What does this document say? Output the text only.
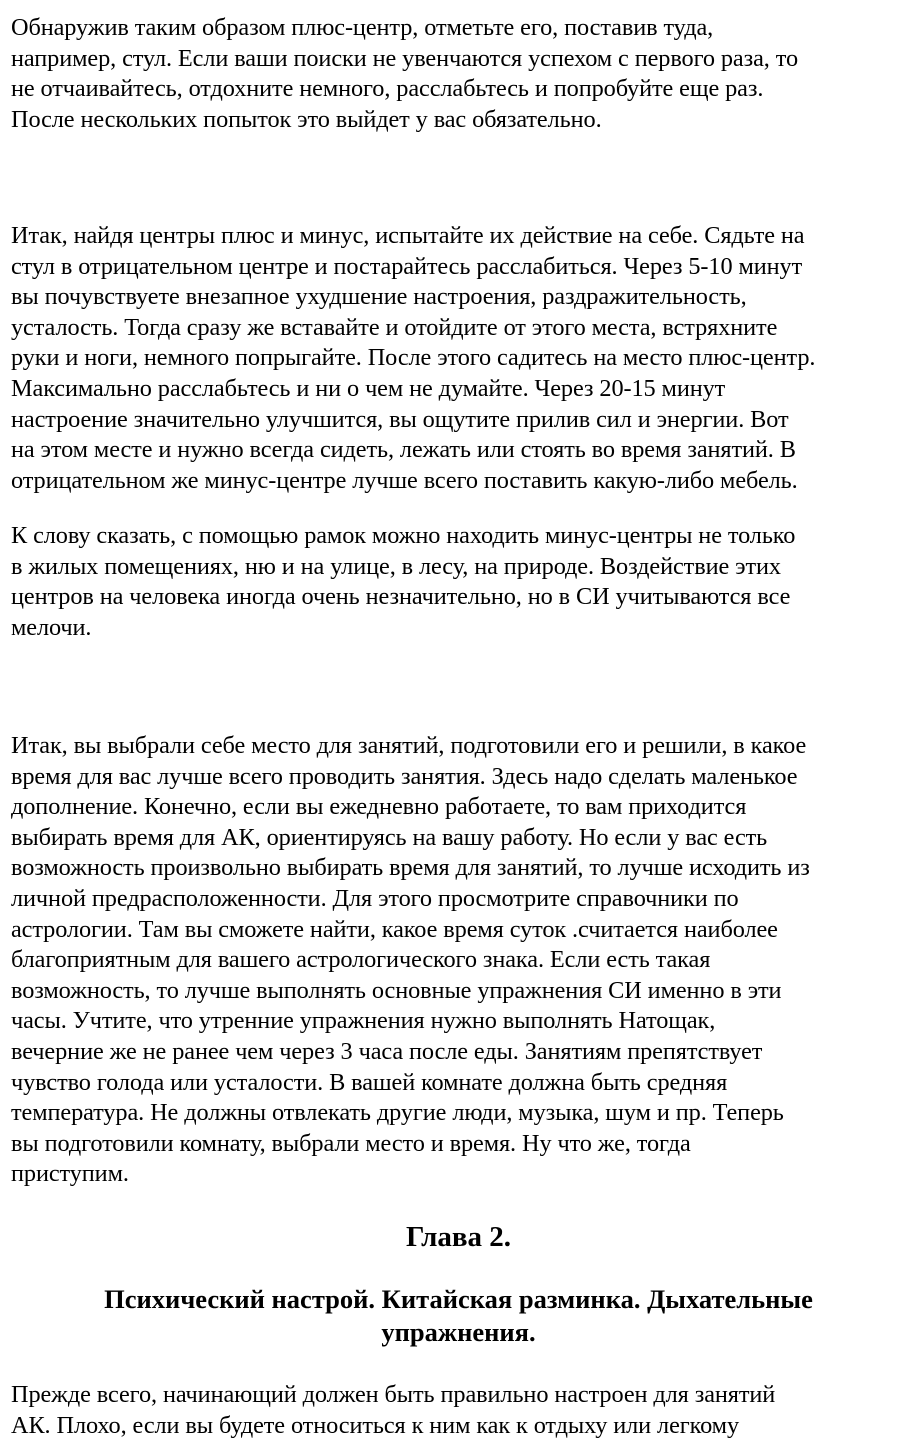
Обнаружив таким образом плюс-центр, отметьте его, поставив туда,
например, стул. Если ваши поиски не увенчаются успехом с первого раза, то
не отчаивайтесь, отдохните немного, расслабьтесь и попробуйте еще раз.
После нескольких попыток это выйдет у вас обязательно.

Итак, найдя центры плюс и минус, испытайте их действие на себе. Сядьте на
стул в отрицательном центре и постарайтесь расслабиться. Через 5-10 минут
вы почувствуете внезапное ухудшение настроения, раздражительность,
усталость. Тогда сразу же вставайте и отойдите от этого места, встряхните
руки и ноги, немного попрыгайте. После этого садитесь на место плюс-центр.
Максимально расслабьтесь и ни о чем не думайте. Через 20-15 минут
настроение значительно улучшится, вы ощутите прилив сил и энергии. Вот
на этом месте и нужно всегда сидеть, лежать или стоять во время занятий. В
отрицательном же минус-центре лучше всего поставить какую-либо мебель.

К слову сказать, с помощью рамок можно находить минус-центры не только
в жилых помещениях, ню и на улице, в лесу, на природе. Воздействие этих
центров на человека иногда очень незначительно, но в СИ учитываются все
мелочи.

Итак, вы выбрали себе место для занятий, подготовили его и решили, в какое
время для вас лучше всего проводить занятия. Здесь надо сделать маленькое
дополнение. Конечно, если вы ежедневно работаете, то вам приходится
выбирать время для АК, ориентируясь на вашу работу. Но если у вас есть
возможность произвольно выбирать время для занятий, то лучше исходить из
личной предрасположенности. Для этого просмотрите справочники по
астрологии. Там вы сможете найти, какое время суток .считается наиболее
благоприятным для вашего астрологического знака. Если есть такая
возможность, то лучше выполнять основные упражнения СИ именно в эти
часы. Учтите, что утренние упражнения нужно выполнять Натощак,
вечерние же не ранее чем через 3 часа после еды. Занятиям препятствует
чувство голода или усталости. В вашей комнате должна быть средняя
температура. Не должны отвлекать другие люди, музыка, шум и пр. Теперь
вы подготовили комнату, выбрали место и время. Ну что же, тогда
приступим.

Глава 2.
Психический настрой. Китайская разминка. Дыхательные
упражнения.

Прежде всего, начинающий должен быть правильно настроен для занятий
АК. Плохо, если вы будете относиться к ним как к отдыху или легкому
